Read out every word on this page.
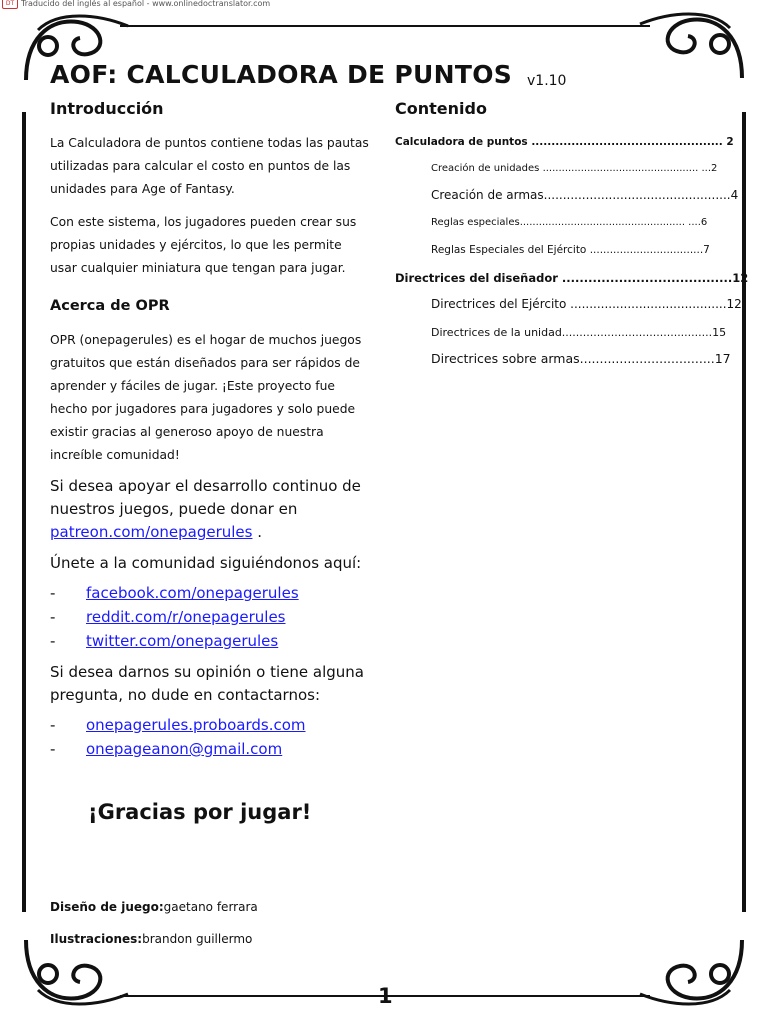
DT Traducido del inglés al español - www.onlinedoctranslator.com
AOF: CALCULADORA DE PUNTOS v1.10
Introducción
La Calculadora de puntos contiene todas las pautas utilizadas para calcular el costo en puntos de las unidades para Age of Fantasy.
Con este sistema, los jugadores pueden crear sus propias unidades y ejércitos, lo que les permite usar cualquier miniatura que tengan para jugar.
Acerca de OPR
OPR (onepagerules) es el hogar de muchos juegos gratuitos que están diseñados para ser rápidos de aprender y fáciles de jugar. ¡Este proyecto fue hecho por jugadores para jugadores y solo puede existir gracias al generoso apoyo de nuestra increíble comunidad!
Si desea apoyar el desarrollo continuo de nuestros juegos, puede donar en patreon.com/onepagerules .
Únete a la comunidad siguiéndonos aquí:
- facebook.com/onepagerules
- reddit.com/r/onepagerules
- twitter.com/onepagerules
Si desea darnos su opinión o tiene alguna pregunta, no dude en contactarnos:
- onepagerules.proboards.com
- onepageanon@gmail.com
Contenido
Calculadora de puntos ................................................ 2
Creación de unidades ................................................. ...2
Creación de armas.................................................4
Reglas especiales.................................................... ....6
Reglas Especiales del Ejército ..................................7
Directrices del diseñador .......................................12
Directrices del Ejército .........................................12
Directrices de la unidad...........................................15
Directrices sobre armas..................................17
¡Gracias por jugar!
Diseño de juego:gaetano ferrara
Ilustraciones:brandon guillermo
1
